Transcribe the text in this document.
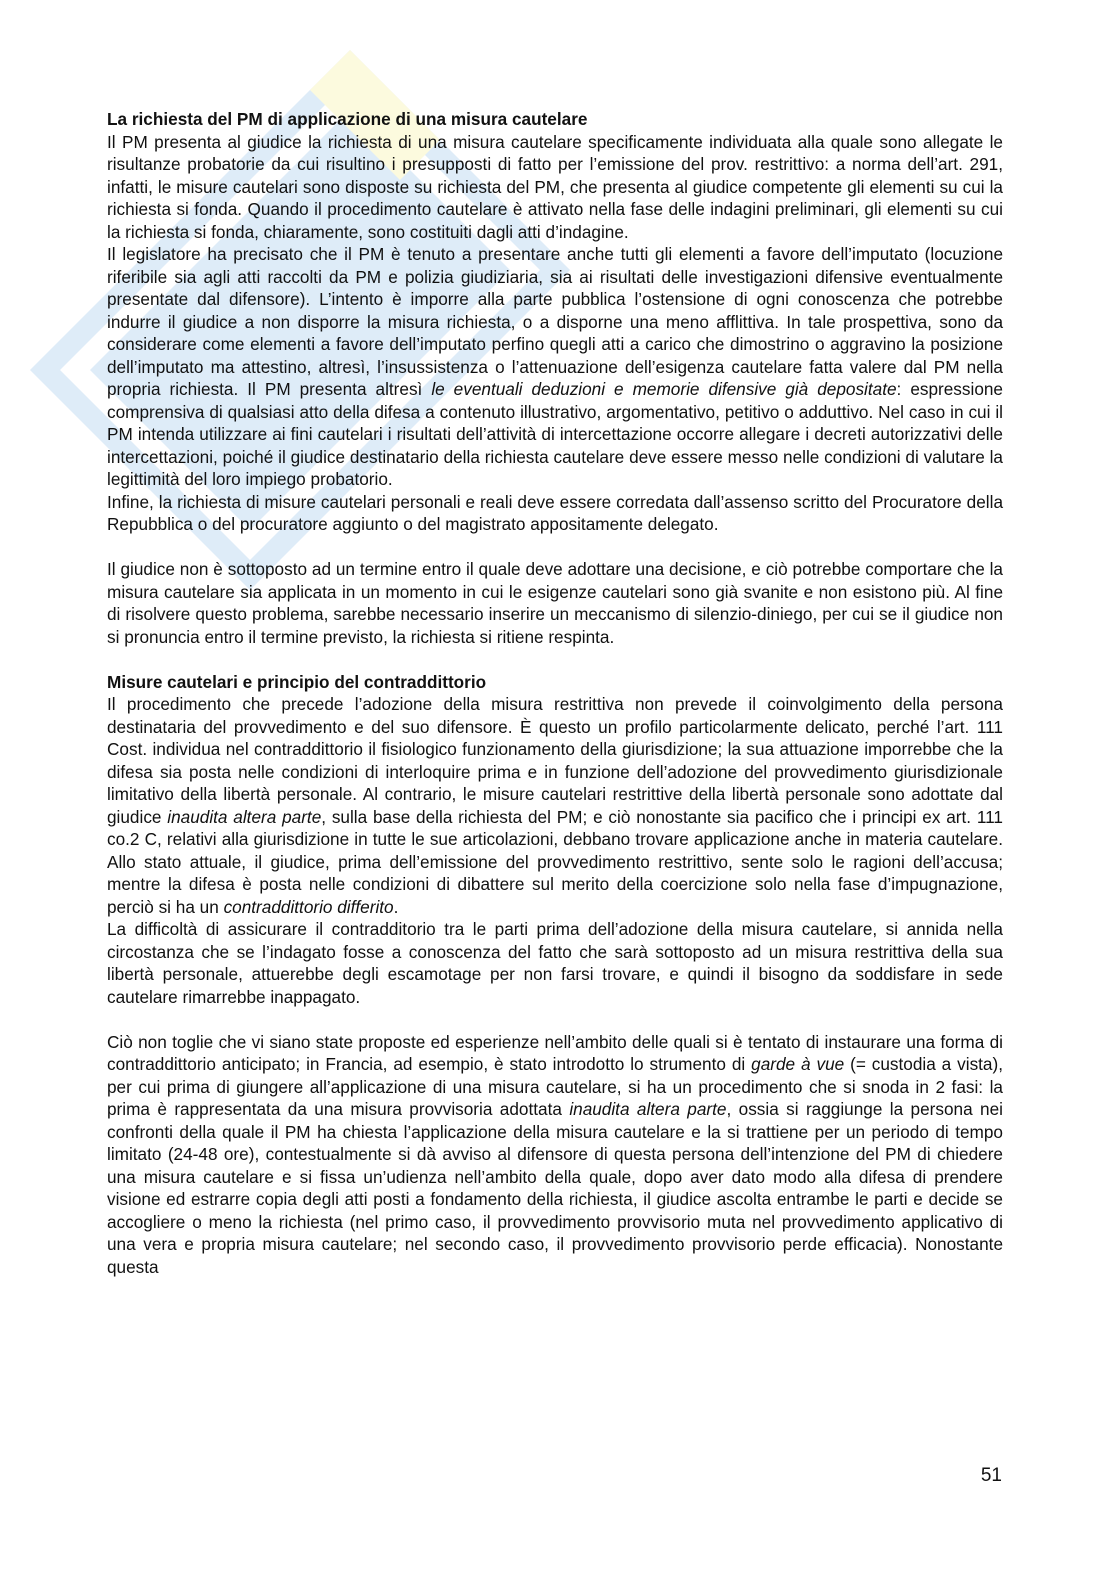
La richiesta del PM di applicazione di una misura cautelare

Il PM presenta al giudice la richiesta di una misura cautelare specificamente individuata alla quale sono allegate le risultanze probatorie da cui risultino i presupposti di fatto per l’emissione del prov. restrittivo: a norma dell’art. 291, infatti, le misure cautelari sono disposte su richiesta del PM, che presenta al giudice competente gli elementi su cui la richiesta si fonda. Quando il procedimento cautelare è attivato nella fase delle indagini preliminari, gli elementi su cui la richiesta si fonda, chiaramente, sono costituiti dagli atti d’indagine.

Il legislatore ha precisato che il PM è tenuto a presentare anche tutti gli elementi a favore dell’imputato (locuzione riferibile sia agli atti raccolti da PM e polizia giudiziaria, sia ai risultati delle investigazioni difensive eventualmente presentate dal difensore). L’intento è imporre alla parte pubblica l’ostensione di ogni conoscenza che potrebbe indurre il giudice a non disporre la misura richiesta, o a disporne una meno afflittiva. In tale prospettiva, sono da considerare come elementi a favore dell’imputato perfino quegli atti a carico che dimostrino o aggravino la posizione dell’imputato ma attestino, altresì, l’insussistenza o l’attenuazione dell’esigenza cautelare fatta valere dal PM nella propria richiesta. Il PM presenta altresì le eventuali deduzioni e memorie difensive già depositate: espressione comprensiva di qualsiasi atto della difesa a contenuto illustrativo, argomentativo, petitivo o adduttivo. Nel caso in cui il PM intenda utilizzare ai fini cautelari i risultati dell’attività di intercettazione occorre allegare i decreti autorizzativi delle intercettazioni, poiché il giudice destinatario della richiesta cautelare deve essere messo nelle condizioni di valutare la legittimità del loro impiego probatorio.

Infine, la richiesta di misure cautelari personali e reali deve essere corredata dall’assenso scritto del Procuratore della Repubblica o del procuratore aggiunto o del magistrato appositamente delegato.

Il giudice non è sottoposto ad un termine entro il quale deve adottare una decisione, e ciò potrebbe comportare che la misura cautelare sia applicata in un momento in cui le esigenze cautelari sono già svanite e non esistono più. Al fine di risolvere questo problema, sarebbe necessario inserire un meccanismo di silenzio-diniego, per cui se il giudice non si pronuncia entro il termine previsto, la richiesta si ritiene respinta.

Misure cautelari e principio del contraddittorio

Il procedimento che precede l’adozione della misura restrittiva non prevede il coinvolgimento della persona destinataria del provvedimento e del suo difensore. È questo un profilo particolarmente delicato, perché l’art. 111 Cost. individua nel contraddittorio il fisiologico funzionamento della giurisdizione; la sua attuazione imporrebbe che la difesa sia posta nelle condizioni di interloquire prima e in funzione dell’adozione del provvedimento giurisdizionale limitativo della libertà personale. Al contrario, le misure cautelari restrittive della libertà personale sono adottate dal giudice inaudita altera parte, sulla base della richiesta del PM; e ciò nonostante sia pacifico che i principi ex art. 111 co.2 C, relativi alla giurisdizione in tutte le sue articolazioni, debbano trovare applicazione anche in materia cautelare. Allo stato attuale, il giudice, prima dell’emissione del provvedimento restrittivo, sente solo le ragioni dell’accusa; mentre la difesa è posta nelle condizioni di dibattere sul merito della coercizione solo nella fase d’impugnazione, perciò si ha un contraddittorio differito.

La difficoltà di assicurare il contradditorio tra le parti prima dell’adozione della misura cautelare, si annida nella circostanza che se l’indagato fosse a conoscenza del fatto che sarà sottoposto ad un misura restrittiva della sua libertà personale, attuerebbe degli escamotage per non farsi trovare, e quindi il bisogno da soddisfare in sede cautelare rimarrebbe inappagato.

Ciò non toglie che vi siano state proposte ed esperienze nell’ambito delle quali si è tentato di instaurare una forma di contraddittorio anticipato; in Francia, ad esempio, è stato introdotto lo strumento di garde à vue (= custodia a vista), per cui prima di giungere all’applicazione di una misura cautelare, si ha un procedimento che si snoda in 2 fasi: la prima è rappresentata da una misura provvisoria adottata inaudita altera parte, ossia si raggiunge la persona nei confronti della quale il PM ha chiesta l’applicazione della misura cautelare e la si trattiene per un periodo di tempo limitato (24-48 ore), contestualmente si dà avviso al difensore di questa persona dell’intenzione del PM di chiedere una misura cautelare e si fissa un’udienza nell’ambito della quale, dopo aver dato modo alla difesa di prendere visione ed estrarre copia degli atti posti a fondamento della richiesta, il giudice ascolta entrambe le parti e decide se accogliere o meno la richiesta (nel primo caso, il provvedimento provvisorio muta nel provvedimento applicativo di una vera e propria misura cautelare; nel secondo caso, il provvedimento provvisorio perde efficacia). Nonostante questa

51
